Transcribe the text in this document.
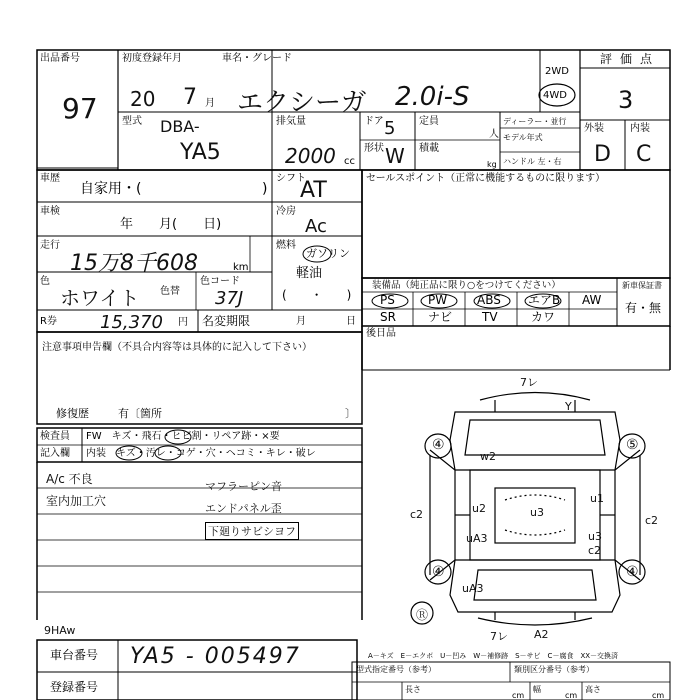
出品番号
97
初度登録年月
20 7 月
車名・グレード
エクシーガ 2.0i-S
2WD
4WD
評価点
3
型式 DBA-
YA5
排気量
2000 cc
ドア 5
形状 W
定員
人
積載
kg
ディーラー・並行
モデル年式
ハンドル 左・右
外装	内装
D C
車歴
自家用・(	)
シフト
AT	セールスポイント（正常に機能するものに限ります）
車検
年　　月(　　日)
冷房
Ac
走行
15万8千608	km
燃料
ガソリン
軽油
(　　・　　)
色
ホワイト 色替
色コード
37J
装備品（純正品に限り○をつけてください）	新車保証書
有・無
PS	PW ABS エアB AW
SR	ナビ TV	カワ
R券 15,370 円 名変期限	月	日
後日品
注意事項申告欄（不具合内容等は具体的に記入して下さい）
修復歴	有〔箇所	〕
検査員
記入欄
FW　キズ・飛石・ヒビ割・リペア跡・×要
内装　キズ・汚レ・コゲ・穴・ヘコミ・キレ・破レ
A/c 不良
室内加工穴
マフラーピン音
エンドパネル歪
下廻りサビシヨフ
7レ
Y
④	⑤
w2
u2
u1
u3
uA3	u3
c2
c2	c2
④	④
uA3
Ⓡ
7レ A2
9HAw
車台番号 YA5 - 005497
登録番号
A－キズ　E－エクボ　U－凹み　W－補修跡　S－サビ　C－腐食　XX－交換済
型式指定番号（参考）	類別区分番号（参考）
長さ	幅	高さ
cm	cm	cm
